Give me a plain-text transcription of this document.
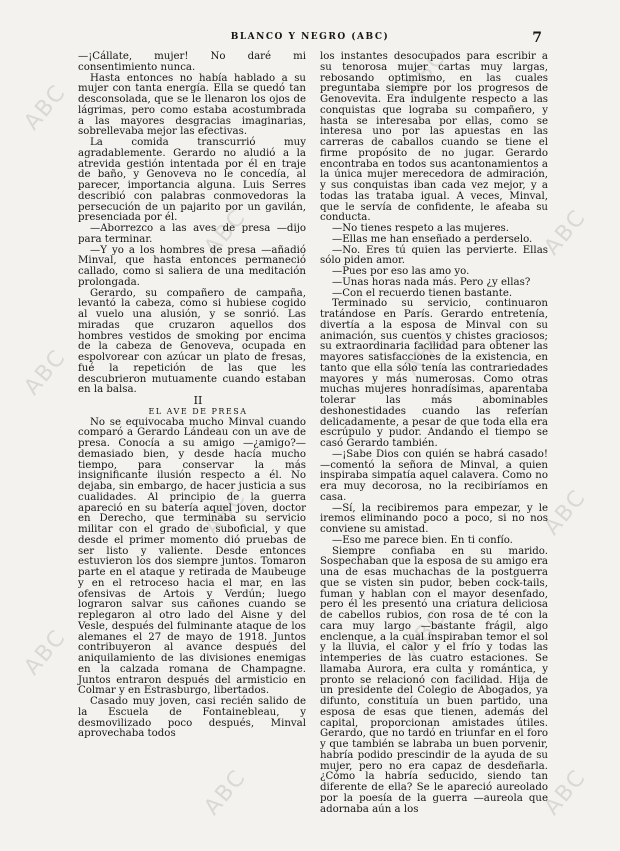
ABC
ABC
ABC
ABC
ABC
ABC
ABC
ABC
ABC
ABC
ABC
ABC
BLANCO Y NEGRO (ABC)	7

—¡Cállate, mujer! No daré mi consentimiento nunca.

Hasta entonces no había hablado a su mujer con tanta energía. Ella se quedó tan desconsolada, que se le llenaron los ojos de lágrimas, pero como estaba acostumbrada a las mayores desgracias imaginarias, sobrellevaba mejor las efectivas.

La comida transcurrió muy agradablemente. Gerardo no aludió a la atrevida gestión intentada por él en traje de baño, y Genoveva no le concedía, al parecer, importancia alguna. Luis Serres describió con palabras conmovedoras la persecución de un pajarito por un gavilán, presenciada por él.

—Aborrezco a las aves de presa —dijo para terminar.

—Y yo a los hombres de presa —añadió Minval, que hasta entonces permaneció callado, como si saliera de una meditación prolongada.

Gerardo, su compañero de campaña, levantó la cabeza, como si hubiese cogido al vuelo una alusión, y se sonrió. Las miradas que cruzaron aquellos dos hombres vestidos de smoking por encima de la cabeza de Genoveva, ocupada en espolvorear con azúcar un plato de fresas, fué la repetición de las que les descubrieron mutuamente cuando estaban en la balsa.

II

EL AVE DE PRESA

No se equivocaba mucho Minval cuando comparó a Gerardo Lándeau con un ave de presa. Conocía a su amigo —¿amigo?— demasiado bien, y desde hacía mucho tiempo, para conservar la más insignificante ilusión respecto a él. No dejaba, sin embargo, de hacer justicia a sus cualidades. Al principio de la guerra apareció en su batería aquel joven, doctor en Derecho, que terminaba su servicio militar con el grado de suboficial, y que desde el primer momento dió pruebas de ser listo y valiente. Desde entonces estuvieron los dos siempre juntos. Tomaron parte en el ataque y retirada de Maubeuge y en el retroceso hacia el mar, en las ofensivas de Artois y Verdún; luego lograron salvar sus cañones cuando se replegaron al otro lado del Aisne y del Vesle, después del fulminante ataque de los alemanes el 27 de mayo de 1918. Juntos contribuyeron al avance después del aniquilamiento de las divisiones enemigas en la calzada romana de Champagne. Juntos entraron después del armisticio en Colmar y en Estrasburgo, libertados.

Casado muy joven, casi recién salido de la Escuela de Fontainebleau, y desmovilizado poco después, Minval aprovechaba todos

los instantes desocupados para escribir a su tenorosa mujer cartas muy largas, rebosando optimismo, en las cuales preguntaba siempre por los progresos de Genovevita. Era indulgente respecto a las conquistas que lograba su compañero, y hasta se interesaba por ellas, como se interesa uno por las apuestas en las carreras de caballos cuando se tiene el firme propósito de no jugar. Gerardo encontraba en todos sus acantonamientos a la única mujer merecedora de admiración, y sus conquistas iban cada vez mejor, y a todas las trataba igual. A veces, Minval, que le servía de confidente, le afeaba su conducta.

—No tienes respeto a las mujeres.

—Ellas me han enseñado a perderselo.

—No. Eres tú quien las pervierte. Ellas sólo piden amor.

—Pues por eso las amo yo.

—Unas horas nada más. Pero ¿y ellas?

—Con el recuerdo tienen bastante.

Terminado su servicio, continuaron tratándose en París. Gerardo entretenía, divertía a la esposa de Minval con su animación, sus cuentos y chistes graciosos; su extraordinaria facilidad para obtener las mayores satisfacciones de la existencia, en tanto que ella sólo tenía las contrariedades mayores y más numerosas. Como otras muchas mujeres honradísimas, aparentaba tolerar las más abominables deshonestidades cuando las referían delicadamente, a pesar de que toda ella era escrúpulo y pudor. Andando el tiempo se casó Gerardo también.

—¡Sabe Dios con quién se habrá casado! —comentó la señora de Minval, a quien inspiraba simpatía aquel calavera. Como no era muy decorosa, no la recibiríamos en casa.

—Sí, la recibiremos para empezar, y le iremos eliminando poco a poco, si no nos conviene su amistad.

—Eso me parece bien. En ti confío.

Siempre confiaba en su marido. Sospechaban que la esposa de su amigo era una de esas muchachas de la postguerra que se visten sin pudor, beben cock-tails, fuman y hablan con el mayor desenfado, pero él les presentó una criatura deliciosa de cabellos rubios, con rosa de té con la cara muy largo —bastante frágil, algo enclenque, a la cual inspiraban temor el sol y la lluvia, el calor y el frío y todas las intemperies de las cuatro estaciones. Se llamaba Aurora, era culta y romántica, y pronto se relacionó con facilidad. Hija de un presidente del Colegio de Abogados, ya difunto, constituía un buen partido, una esposa de esas que tienen, además del capital, proporcionan amistades útiles. Gerardo, que no tardó en triunfar en el foro y que también se labraba un buen porvenir, habría podido prescindir de la ayuda de su mujer, pero no era capaz de desdeñarla. ¿Cómo la habría seducido, siendo tan diferente de ella? Se le apareció aureolado por la poesía de la guerra —aureola que adornaba aún a los
